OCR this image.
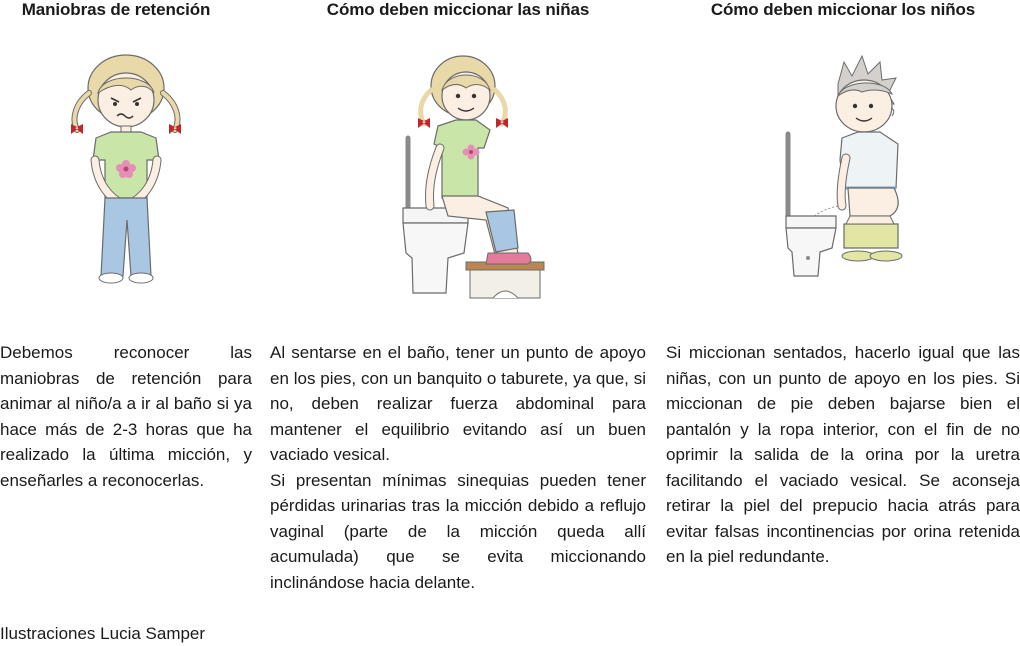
Maniobras de retención

Debemos reconocer las maniobras de retención para animar al niño/a a ir al baño si ya hace más de 2-3 horas que ha realizado la última micción, y enseñarles a reconocerlas.

Cómo deben miccionar las niñas

Al sentarse en el baño, tener un punto de apoyo en los pies, con un banquito o taburete, ya que, si no, deben realizar fuerza abdominal para mantener el equilibrio evitando así un buen vaciado vesical.

Si presentan mínimas sinequias pueden tener pérdidas urinarias tras la micción debido a reflujo vaginal (parte de la micción queda allí acumulada) que se evita miccionando inclinándose hacia delante.

Cómo deben miccionar los niños

Si miccionan sentados, hacerlo igual que las niñas, con un punto de apoyo en los pies. Si miccionan de pie deben bajarse bien el pantalón y la ropa interior, con el fin de no oprimir la salida de la orina por la uretra facilitando el vaciado vesical. Se aconseja retirar la piel del prepucio hacia atrás para evitar falsas incontinencias por orina retenida en la piel redundante.

Ilustraciones Lucia Samper
